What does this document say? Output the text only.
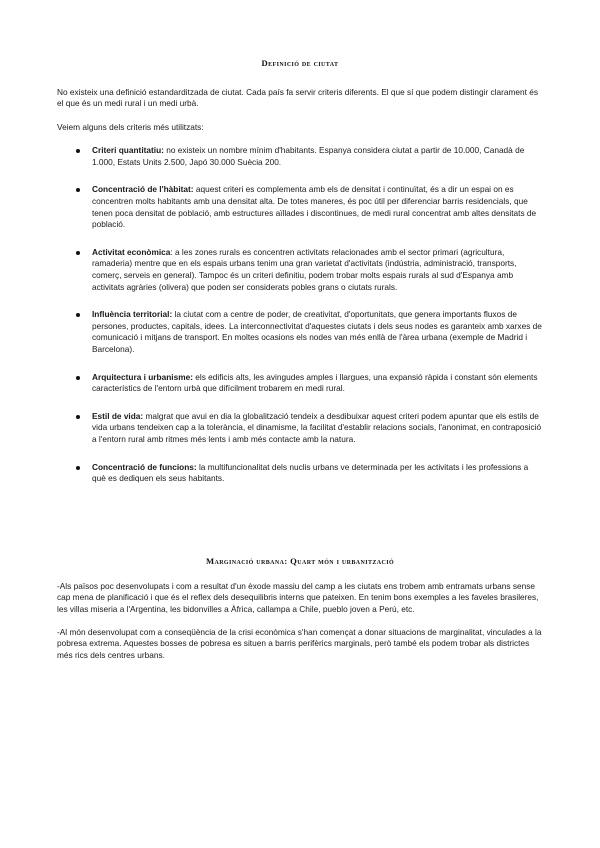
Definició de ciutat

No existeix una definició estandarditzada de ciutat. Cada país fa servir criteris diferents. El que sí que podem distingir clarament és el que és un medi rural i un medi urbà.

Veiem alguns dels criteris més utilitzats:

Criteri quantitatiu: no existeix un nombre mínim d'habitants. Espanya considera ciutat a partir de 10.000, Canadà de 1.000, Estats Units 2.500, Japó 30.000 Suècia 200.
Concentració de l'hàbitat: aquest criteri es complementa amb els de densitat i continuïtat, és a dir un espai on es concentren molts habitants amb una densitat alta. De totes maneres, és poc útil per diferenciar barris residencials, que tenen poca densitat de població, amb estructures aïllades i discontinues, de medi rural concentrat amb altes densitats de població.
Activitat econòmica: a les zones rurals es concentren activitats relacionades amb el sector primari (agricultura, ramaderia) mentre que en els espais urbans tenim una gran varietat d'activitats (indústria, administració, transports, comerç, serveis en general). Tampoc és un criteri definitiu, podem trobar molts espais rurals al sud d'Espanya amb activitats agràries (olivera) que poden ser considerats pobles grans o ciutats rurals.
Influència territorial: la ciutat com a centre de poder, de creativitat, d'oportunitats, que genera importants fluxos de persones, productes, capitals, idees. La interconnectivitat d'aquestes ciutats i dels seus nodes es garanteix amb xarxes de comunicació i mitjans de transport. En moltes ocasions els nodes van més enllà de l'àrea urbana (exemple de Madrid i Barcelona).
Arquitectura i urbanisme: els edificis alts, les avingudes amples i llargues, una expansió ràpida i constant són elements característics de l'entorn urbà que difícilment trobarem en medi rural.
Estil de vida: malgrat que avui en dia la globalització tendeix a desdibuixar aquest criteri podem apuntar que els estils de vida urbans tendeixen cap a la tolerància, el dinamisme, la facilitat d'establir relacions socials, l'anonimat, en contraposició a l'entorn rural amb ritmes més lents i amb més contacte amb la natura.
Concentració de funcions: la multifuncionalitat dels nuclis urbans ve determinada per les activitats i les professions a què es dediquen els seus habitants.
Marginació urbana: Quart món i urbanització

-Als països poc desenvolupats i com a resultat d'un èxode massiu del camp a les ciutats ens trobem amb entramats urbans sense cap mena de planificació i que és el reflex dels desequilibris interns que pateixen. En tenim bons exemples a les faveles brasileres, les villas miseria a l'Argentina, les bidonvilles a Àfrica, callampa a Chile, pueblo joven a Perú, etc.

-Al món desenvolupat com a conseqüència de la crisi econòmica s'han començat a donar situacions de marginalitat, vinculades a la pobresa extrema. Aquestes bosses de pobresa es situen a barris perifèrics marginals, però també els podem trobar als districtes més rics dels centres urbans.
